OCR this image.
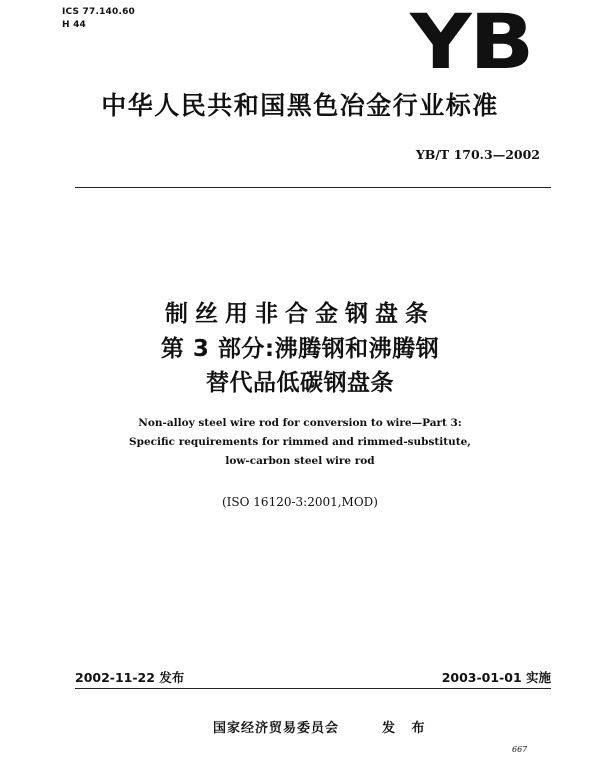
ICS 77.140.60
H 44	YB
中华人民共和国黑色冶金行业标准
YB/T 170.3—2002
制丝用非合金钢盘条
第 3 部分:沸腾钢和沸腾钢
替代品低碳钢盘条
Non-alloy steel wire rod for conversion to wire—Part 3:
Specific requirements for rimmed and rimmed-substitute,
low-carbon steel wire rod
(ISO 16120-3:2001,MOD)
2002-11-22 发布	2003-01-01 实施
国家经济贸易委员会	发 布
667
